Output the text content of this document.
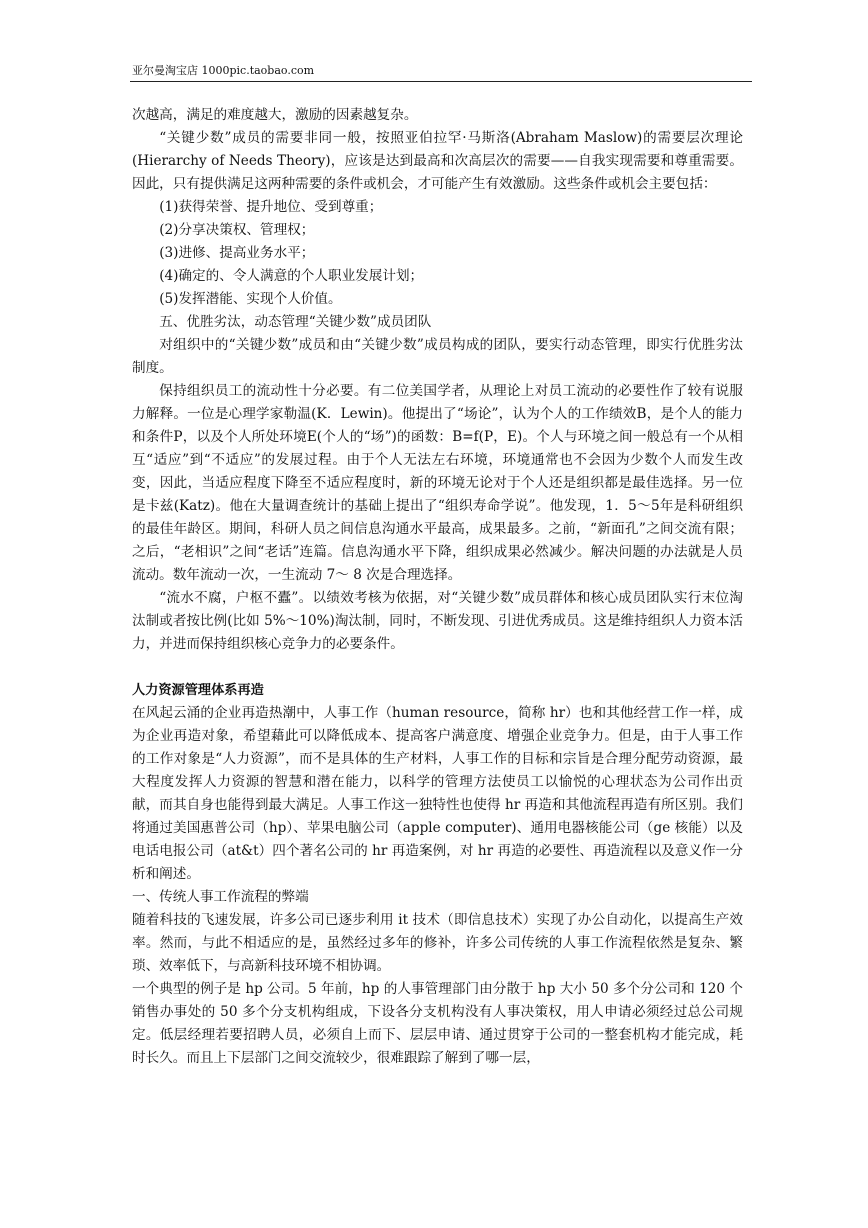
亚尔曼淘宝店 1000pic.taobao.com

次越高，满足的难度越大，激励的因素越复杂。

“关键少数”成员的需要非同一般，按照亚伯拉罕·马斯洛(Abraham Maslow)的需要层次理论(Hierarchy of Needs Theory)，应该是达到最高和次高层次的需要——自我实现需要和尊重需要。因此，只有提供满足这两种需要的条件或机会，才可能产生有效激励。这些条件或机会主要包括：

(1)获得荣誉、提升地位、受到尊重；

(2)分享决策权、管理权；

(3)进修、提高业务水平；

(4)确定的、令人满意的个人职业发展计划；

(5)发挥潜能、实现个人价值。

五、优胜劣汰，动态管理“关键少数”成员团队

对组织中的“关键少数”成员和由“关键少数”成员构成的团队，要实行动态管理，即实行优胜劣汰制度。

保持组织员工的流动性十分必要。有二位美国学者，从理论上对员工流动的必要性作了较有说服力解释。一位是心理学家勒温(K．Lewin)。他提出了“场论”，认为个人的工作绩效B，是个人的能力和条件P，以及个人所处环境E(个人的“场”)的函数：B=f(P，E)。个人与环境之间一般总有一个从相互“适应”到“不适应”的发展过程。由于个人无法左右环境，环境通常也不会因为少数个人而发生改变，因此，当适应程度下降至不适应程度时，新的环境无论对于个人还是组织都是最佳选择。另一位是卡兹(Katz)。他在大量调查统计的基础上提出了“组织寿命学说”。他发现，1．5～5年是科研组织的最佳年龄区。期间，科研人员之间信息沟通水平最高，成果最多。之前，“新面孔”之间交流有限；之后，“老相识”之间“老话”连篇。信息沟通水平下降，组织成果必然减少。解决问题的办法就是人员流动。数年流动一次，一生流动 7～ 8 次是合理选择。

“流水不腐，户枢不蠹”。以绩效考核为依据，对“关键少数”成员群体和核心成员团队实行末位淘汰制或者按比例(比如 5%～10%)淘汰制，同时，不断发现、引进优秀成员。这是维持组织人力资本活力，并进而保持组织核心竞争力的必要条件。

人力资源管理体系再造

在风起云涌的企业再造热潮中，人事工作（human resource，简称 hr）也和其他经营工作一样，成为企业再造对象，希望藉此可以降低成本、提高客户满意度、增强企业竞争力。但是，由于人事工作的工作对象是“人力资源”，而不是具体的生产材料，人事工作的目标和宗旨是合理分配劳动资源，最大程度发挥人力资源的智慧和潜在能力，以科学的管理方法使员工以愉悦的心理状态为公司作出贡献，而其自身也能得到最大满足。人事工作这一独特性也使得 hr 再造和其他流程再造有所区别。我们将通过美国惠普公司（hp）、苹果电脑公司（apple computer)、通用电器核能公司（ge 核能）以及电话电报公司（at&t）四个著名公司的 hr 再造案例，对 hr 再造的必要性、再造流程以及意义作一分析和阐述。

一、传统人事工作流程的弊端

随着科技的飞速发展，许多公司已逐步利用 it 技术（即信息技术）实现了办公自动化，以提高生产效率。然而，与此不相适应的是，虽然经过多年的修补，许多公司传统的人事工作流程依然是复杂、繁琐、效率低下，与高新科技环境不相协调。

一个典型的例子是 hp 公司。5 年前，hp 的人事管理部门由分散于 hp 大小 50 多个分公司和 120 个销售办事处的 50 多个分支机构组成，下设各分支机构没有人事决策权，用人申请必须经过总公司规定。低层经理若要招聘人员，必须自上而下、层层申请、通过贯穿于公司的一整套机构才能完成，耗时长久。而且上下层部门之间交流较少，很难跟踪了解到了哪一层，
